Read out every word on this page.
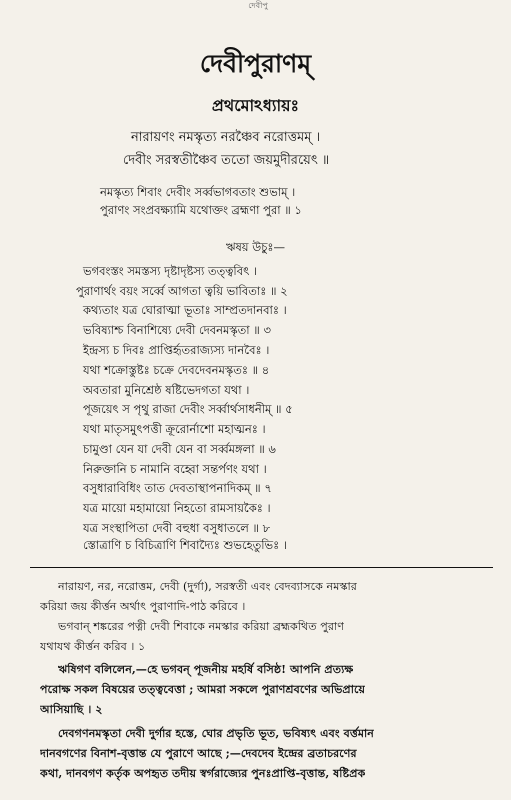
দেবীপু
দেবীপুরাণম্
প্রথমোঽধ্যায়ঃ
নারায়ণং নমস্কৃত্য নরঞ্চৈব নরোত্তমম্ ।
দেবীং সরস্বতীঞ্চৈব ততো জয়মুদীরয়েৎ ॥
নমস্কৃত্য শিবাং দেবীং সর্ব্বভাগবতাং শুভাম্ ।
পুরাণং সংপ্রবক্ষ্যামি যথোক্তং ব্রহ্মণা পুরা ॥ ১
ঋষয় উচুঃ—
ভগবংস্তং সমস্তস্য দৃষ্টাদৃষ্টস্য তত্ত্ববিৎ ।
পুরাণার্থং বয়ং সর্ব্বে আগতা ত্বয়ি ভাবিতাঃ ॥ ২
কথ্যতাং যত্র ঘোরাত্মা ভূতাঃ সাম্প্রতদানবাঃ ।
ভবিষ্যাশ্চ বিনাশিষ্যে দেবী দেবনমস্কৃতা ॥ ৩
ইন্দ্রস্য চ দিবঃ প্রাপ্তির্হৃতরাজ্যস্য দানবৈঃ ।
যথা শক্রোস্তুষ্টঃ চক্রে দেবদেবনমস্কৃতঃ ॥ ৪
অবতারা মুনিশ্রেষ্ঠ ষষ্টিভেদগতা যথা ।
পূজয়েৎ স পৃথু রাজা দেবীং সর্ব্বার্থসাধনীম্ ॥ ৫
যথা মাতৃসমুৎপত্তী ক্রূরোর্নাশো মহাত্মনঃ ।
চামুণ্ডা যেন যা দেবী যেন বা সর্ব্বমঙ্গলা ॥ ৬
নিরুক্তানি চ নামানি বহ্বো সন্তর্পণং যথা ।
বসুধারাবিধিং তাত দেবতাস্থাপনাদিকম্ ॥ ৭
যত্র মায়ো মহামায়ো নিহতো রামসায়কৈঃ ।
যত্র সংস্থাপিতা দেবী বহুধা বসুধাতলে ॥ ৮
স্তোত্রাণি চ বিচিত্রাণি শিবাদ্যৈঃ শুভহেতুভিঃ ।
নারায়ণ, নর, নরোত্তম, দেবী (দুর্গা), সরস্বতী এবং বেদব্যাসকে নমস্কার
করিয়া জয় কীর্ত্তন অর্থাৎ পুরাণাদি-পাঠ করিবে ।
ভগবান্ শঙ্করের পত্নী দেবী শিবাকে নমস্কার করিয়া ব্রহ্মকথিত পুরাণ
যথাযথ কীর্ত্তন করিব । ১
ঋষিগণ বলিলেন,—হে ভগবন্ পূজনীয় মহর্ষি বসিষ্ঠ! আপনি প্রত্যক্ষ
পরোক্ষ সকল বিষয়ের তত্ত্ববেত্তা ; আমরা সকলে পুরাণশ্রবণের অভিপ্রায়ে
আসিয়াছি । ২
দেবগণনমস্কৃতা দেবী দুর্গার হস্তে, ঘোর প্রভৃতি ভূত, ভবিষ্যৎ এবং বর্ত্তমান
দানবগণের বিনাশ-বৃত্তান্ত যে পুরাণে আছে ;—দেবদেব ইন্দ্রের ব্রতাচরণের
কথা, দানবগণ কর্তৃক অপহৃত তদীয় স্বর্গরাজ্যের পুনঃপ্রাপ্তি-বৃত্তান্ত, ষষ্টিপ্রক
